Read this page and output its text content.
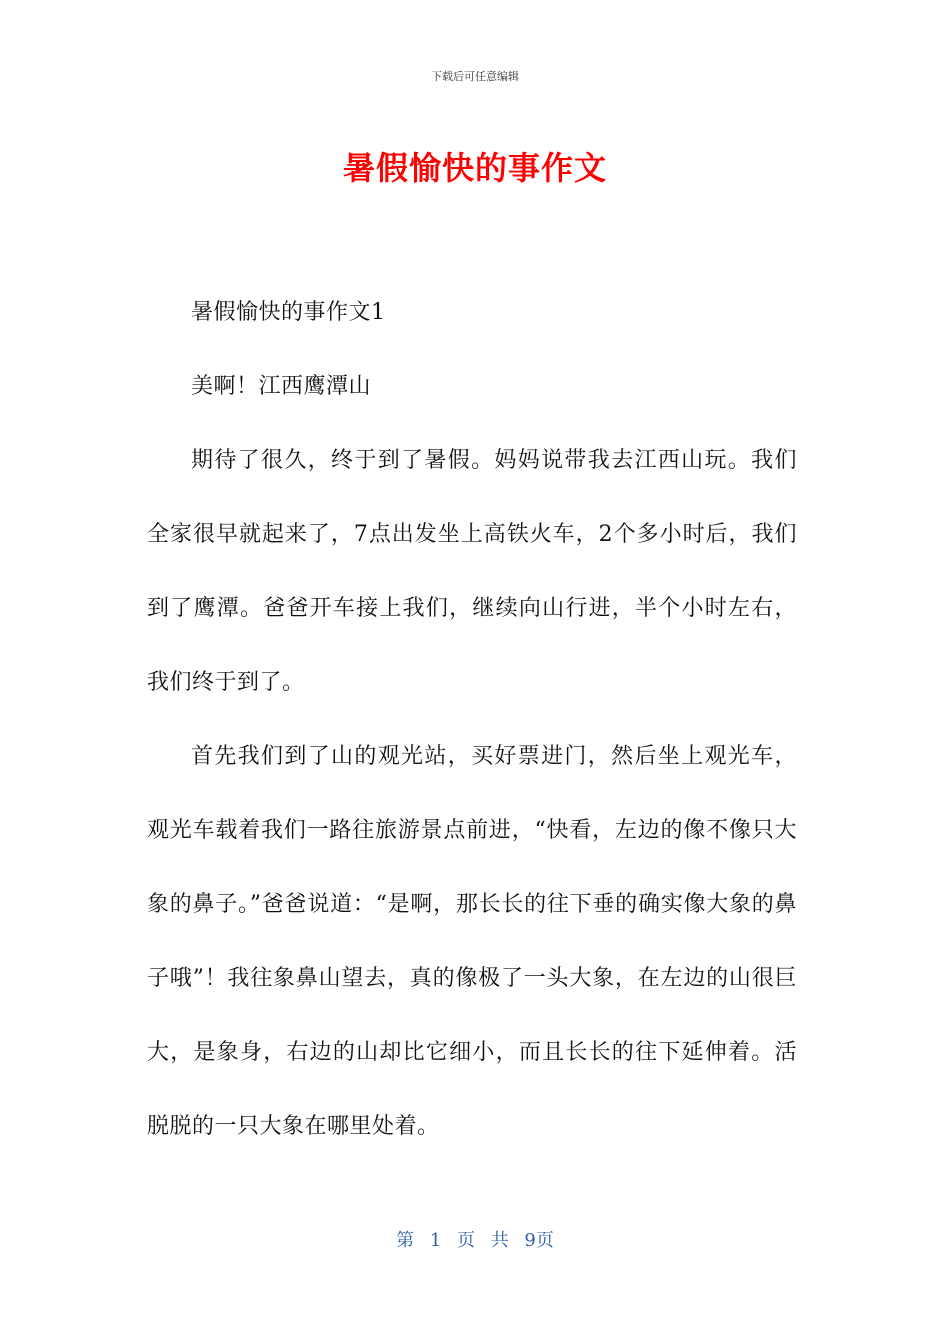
下载后可任意编辑
暑假愉快的事作文

暑假愉快的事作文1

美啊！江西鹰潭山

期待了很久，终于到了暑假。妈妈说带我去江西山玩。我们全家很早就起来了，7点出发坐上高铁火车，2个多小时后，我们到了鹰潭。爸爸开车接上我们，继续向山行进，半个小时左右，我们终于到了。

首先我们到了山的观光站，买好票进门，然后坐上观光车，观光车载着我们一路往旅游景点前进，“快看，左边的像不像只大象的鼻子。”爸爸说道：“是啊，那长长的往下垂的确实像大象的鼻子哦”！我往象鼻山望去，真的像极了一头大象，在左边的山很巨大，是象身，右边的山却比它细小，而且长长的往下延伸着。活脱脱的一只大象在哪里处着。

第 1 页 共 9页
